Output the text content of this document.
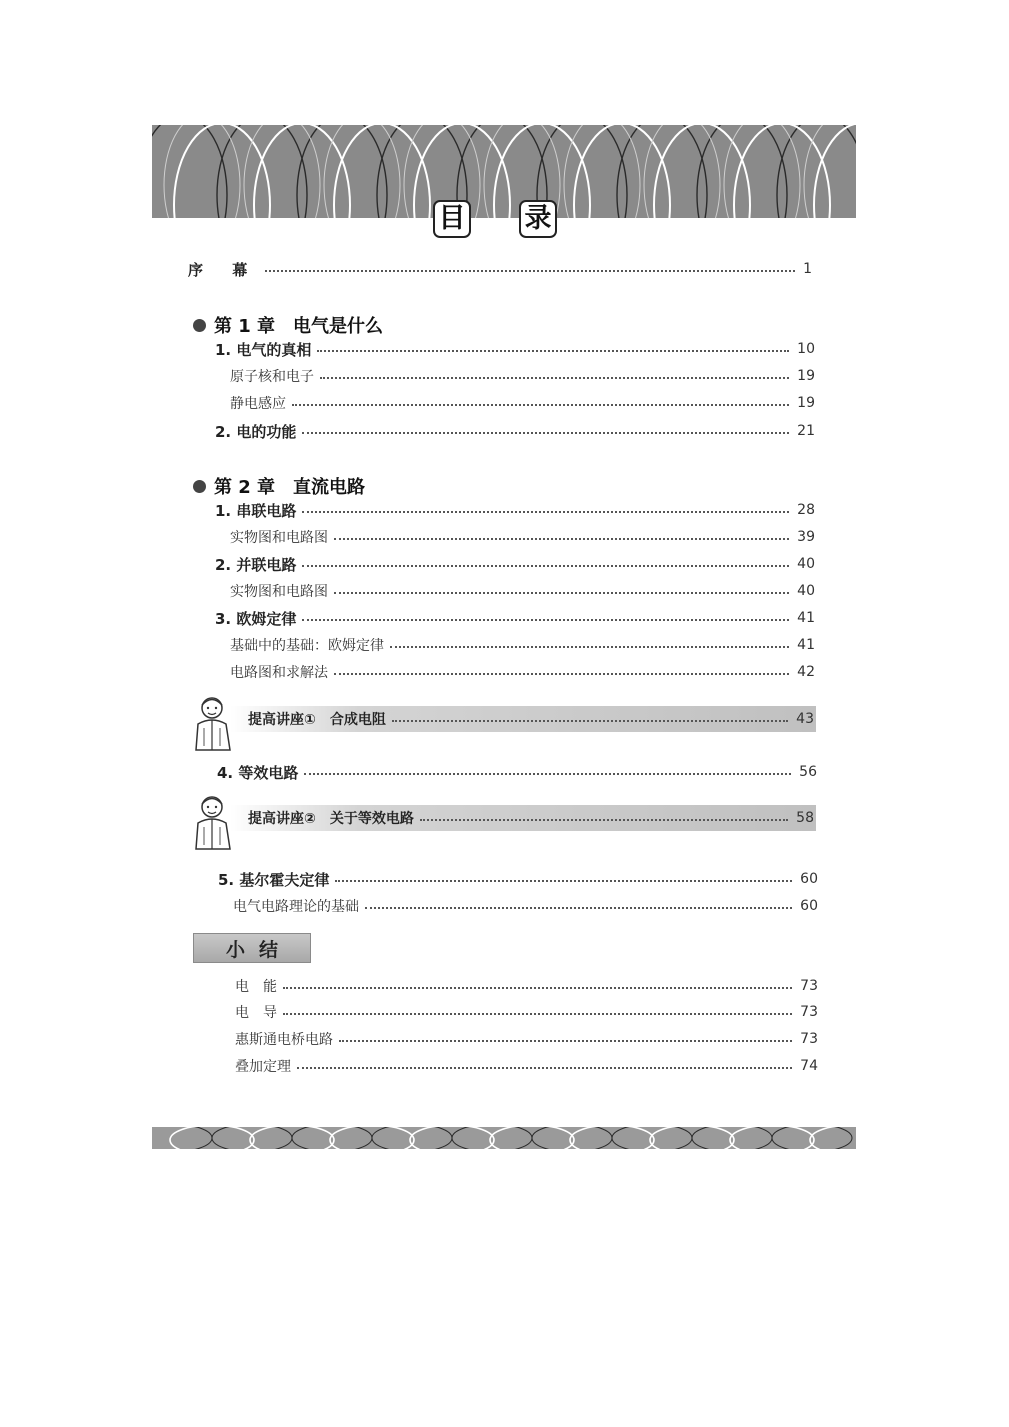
目 录
序 幕	1
第 1 章　电气是什么
1. 电气的真相	10
原子核和电子	19
静电感应	19
2. 电的功能	21
第 2 章　直流电路
1. 串联电路	28
实物图和电路图	39
2. 并联电路	40
实物图和电路图	40
3. 欧姆定律	41
基础中的基础：欧姆定律	41
电路图和求解法	42
提高讲座①　合成电阻	43
4. 等效电路	56
提高讲座②　关于等效电路	58
5. 基尔霍夫定律	60
电气电路理论的基础	60
小结
电　能	73
电　导	73
惠斯通电桥电路	73
叠加定理	74
